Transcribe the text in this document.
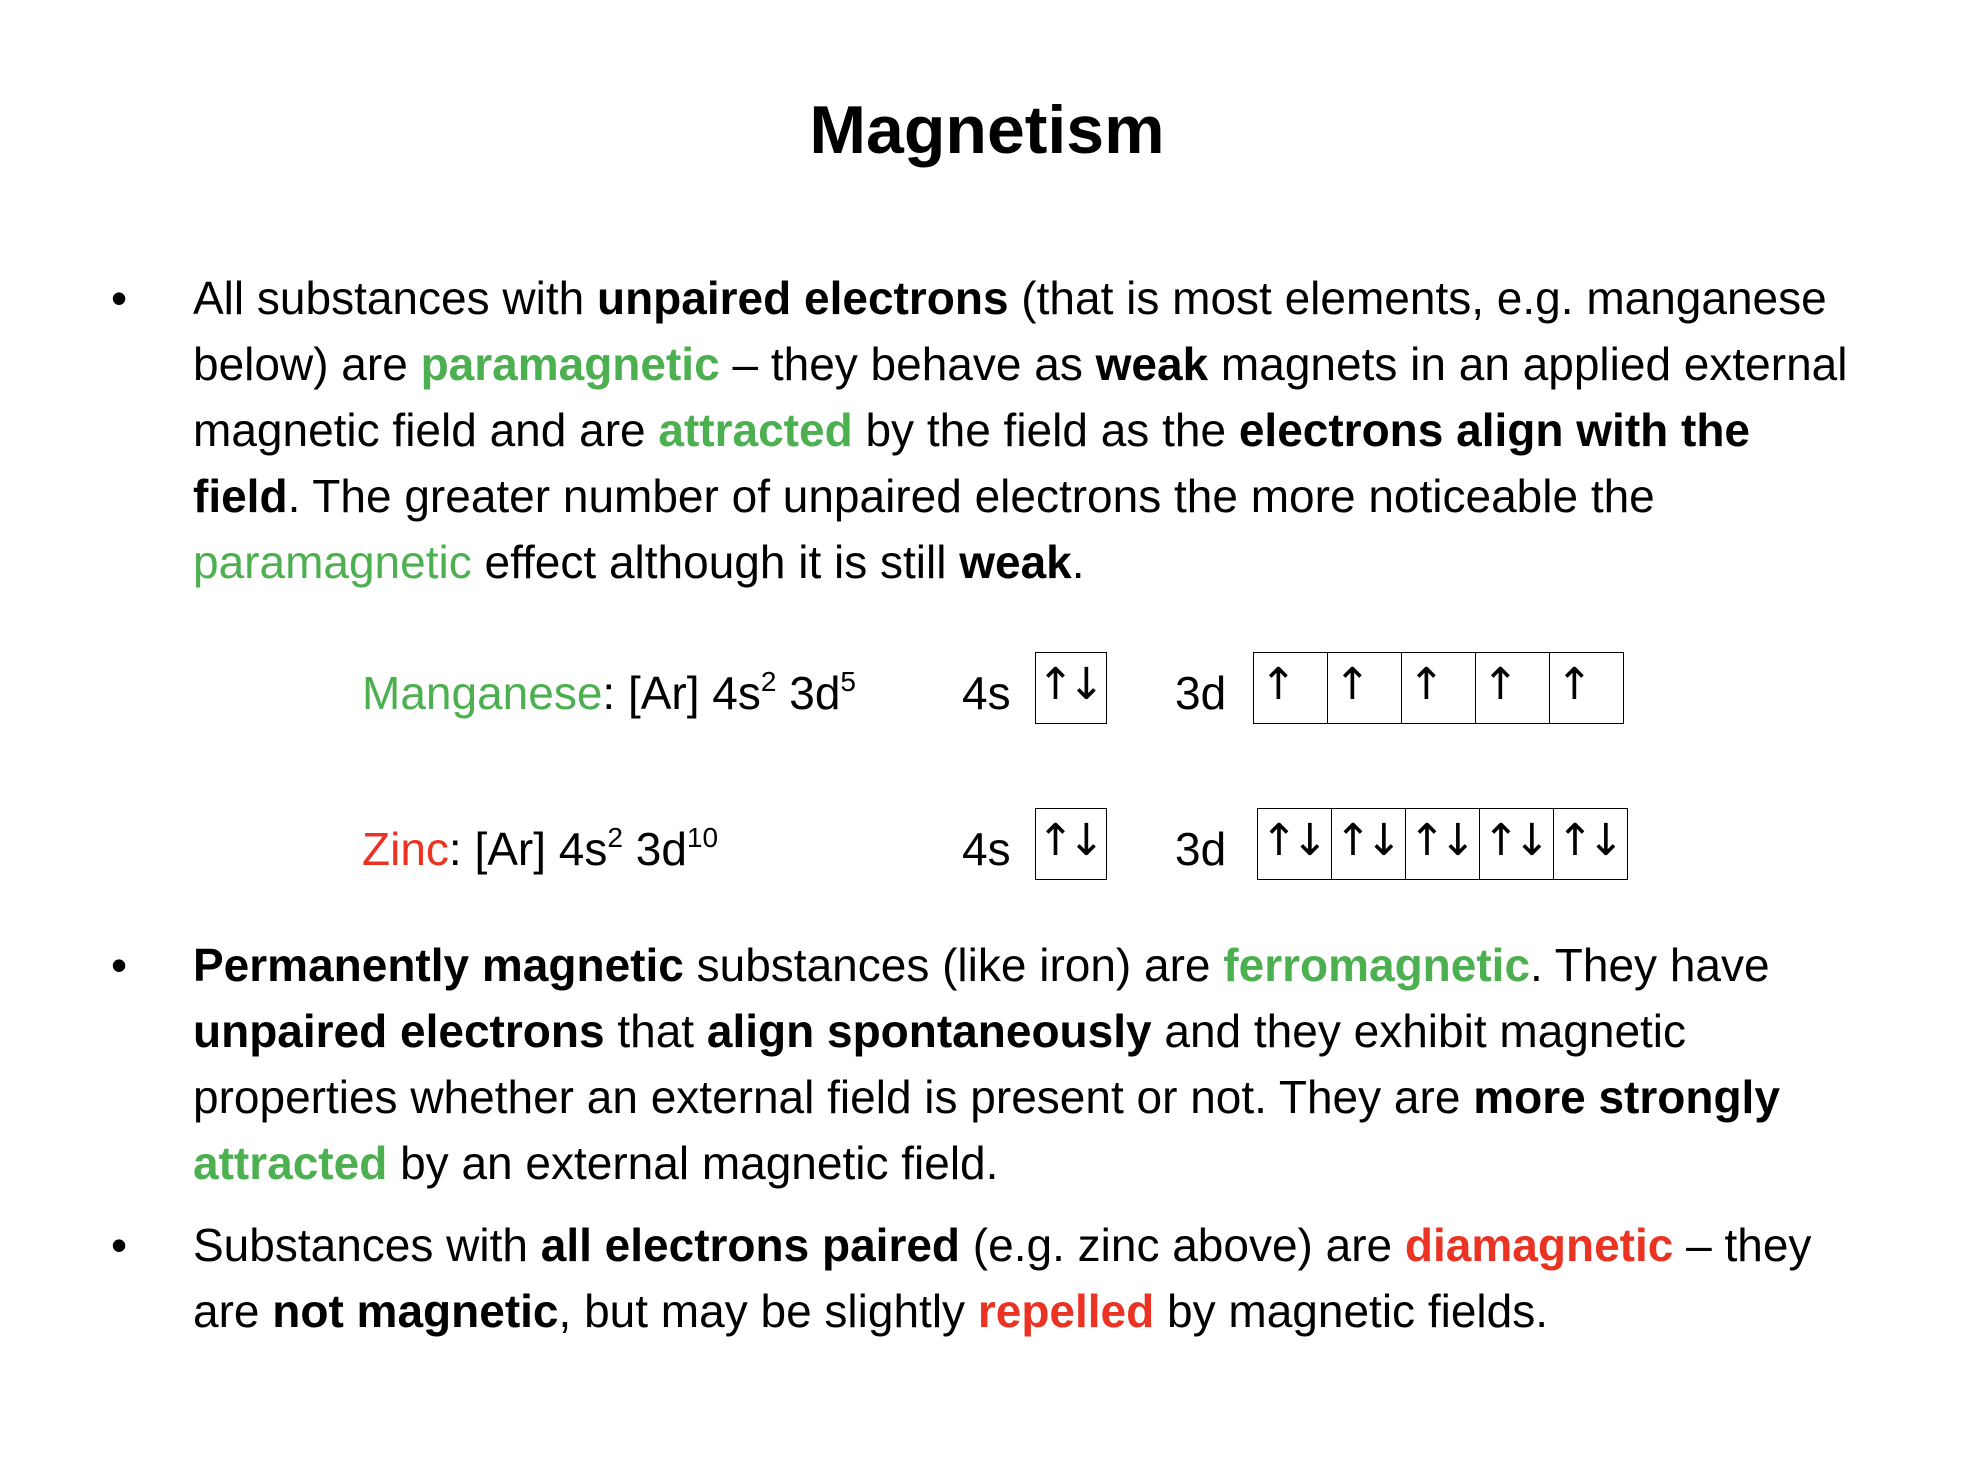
Magnetism
•	All substances with unpaired electrons (that is most elements, e.g. manganese below) are paramagnetic – they behave as weak magnets in an applied external magnetic field and are attracted by the field as the electrons align with the field. The greater number of unpaired electrons the more noticeable the paramagnetic effect although it is still weak.
Manganese: [Ar] $4s^2$ $3d^5$ 4s ↑↓ 3d ↑ ↑ ↑ ↑ ↑
Zinc: [Ar] $4s^2$ $3d^{10}$	4s ↑↓ 3d ↑↓ ↑↓ ↑↓ ↑↓ ↑↓
•	Permanently magnetic substances (like iron) are ferromagnetic. They have unpaired electrons that align spontaneously and they exhibit magnetic properties whether an external field is present or not. They are more strongly attracted by an external magnetic field.
•	Substances with all electrons paired (e.g. zinc above) are diamagnetic – they are not magnetic, but may be slightly repelled by magnetic fields.
